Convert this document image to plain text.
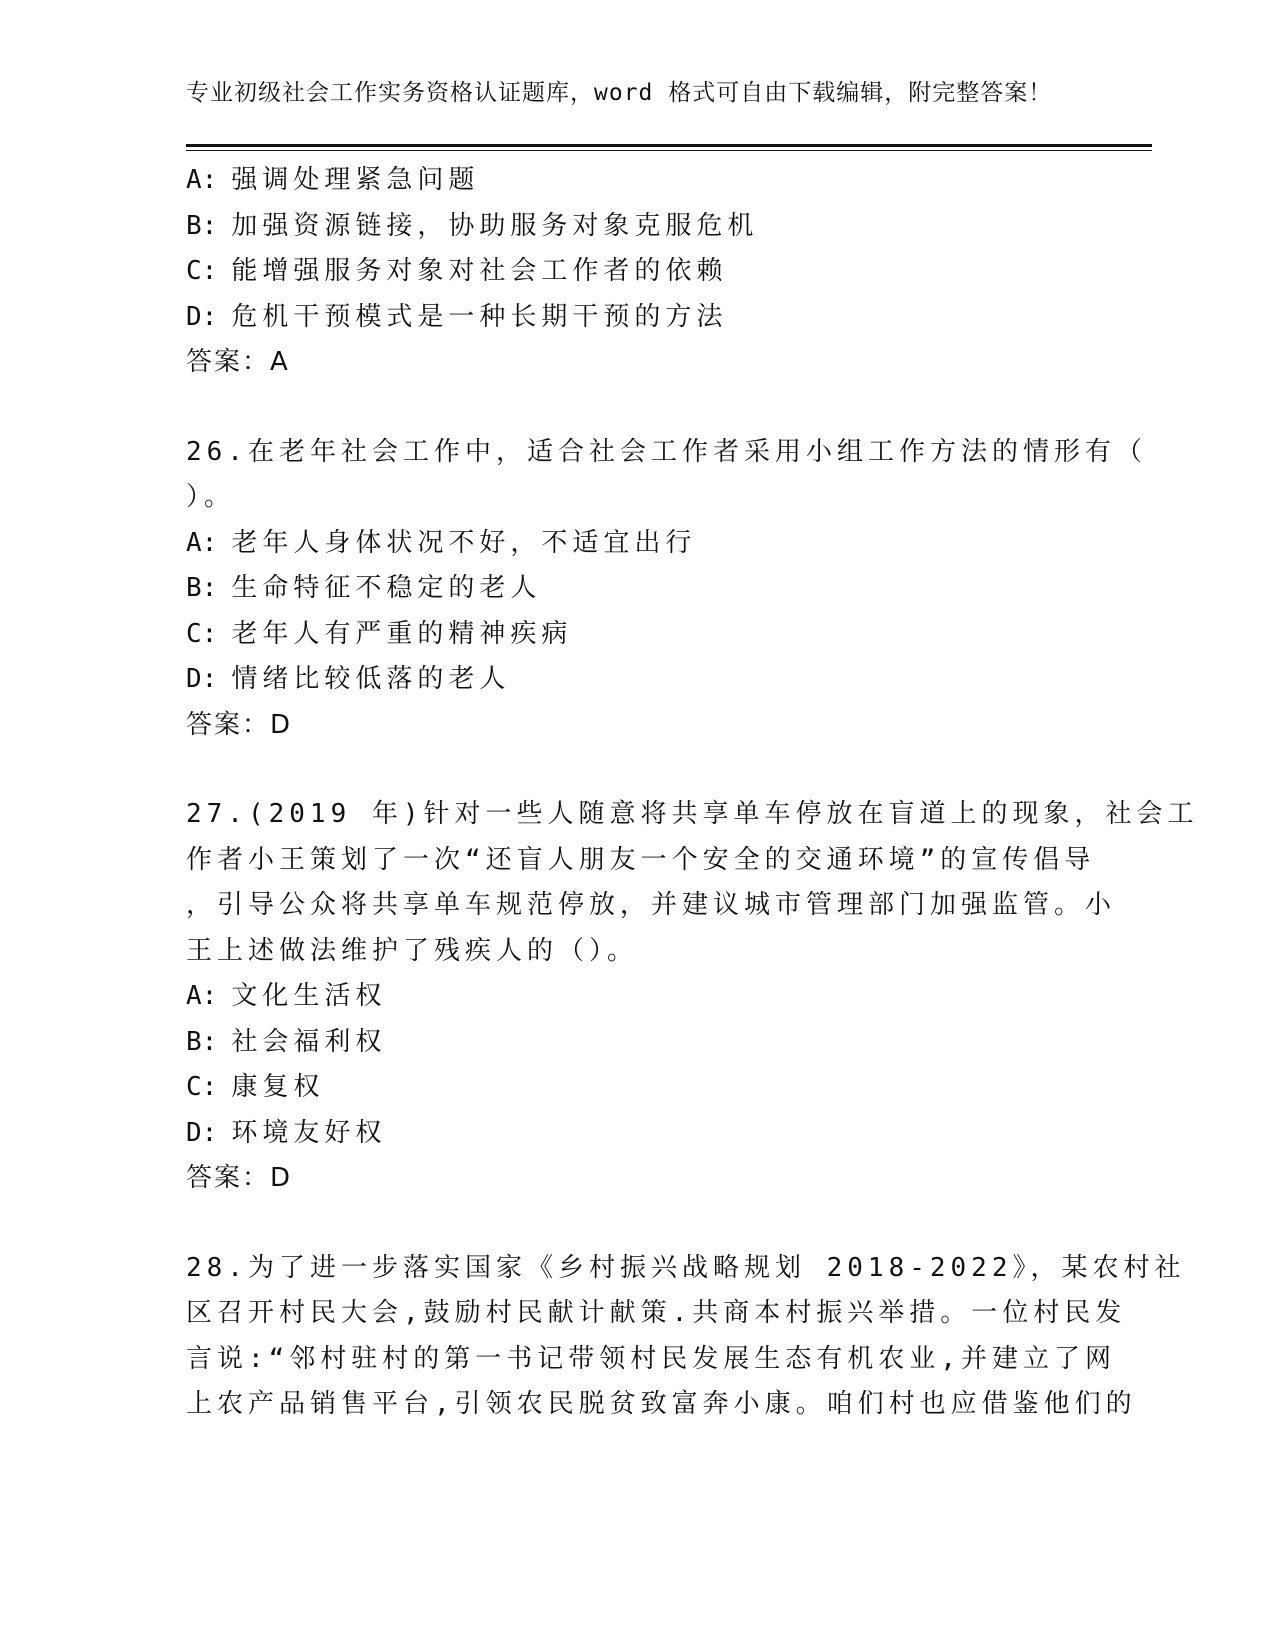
专业初级社会工作实务资格认证题库，word 格式可自由下载编辑，附完整答案！
A: 强调处理紧急问题
B: 加强资源链接，协助服务对象克服危机
C: 能增强服务对象对社会工作者的依赖
D: 危机干预模式是一种长期干预的方法
答案：A
26.在老年社会工作中，适合社会工作者采用小组工作方法的情形有（
）。
A: 老年人身体状况不好，不适宜出行
B: 生命特征不稳定的老人
C: 老年人有严重的精神疾病
D: 情绪比较低落的老人
答案：D
27.(2019 年)针对一些人随意将共享单车停放在盲道上的现象，社会工
作者小王策划了一次“还盲人朋友一个安全的交通环境”的宣传倡导
，引导公众将共享单车规范停放，并建议城市管理部门加强监管。小
王上述做法维护了残疾人的（）。
A: 文化生活权
B: 社会福利权
C: 康复权
D: 环境友好权
答案：D
28.为了进一步落实国家《乡村振兴战略规划 2018-2022》，某农村社
区召开村民大会,鼓励村民献计献策.共商本村振兴举措。一位村民发
言说:“邻村驻村的第一书记带领村民发展生态有机农业,并建立了网
上农产品销售平台,引领农民脱贫致富奔小康。咱们村也应借鉴他们的
